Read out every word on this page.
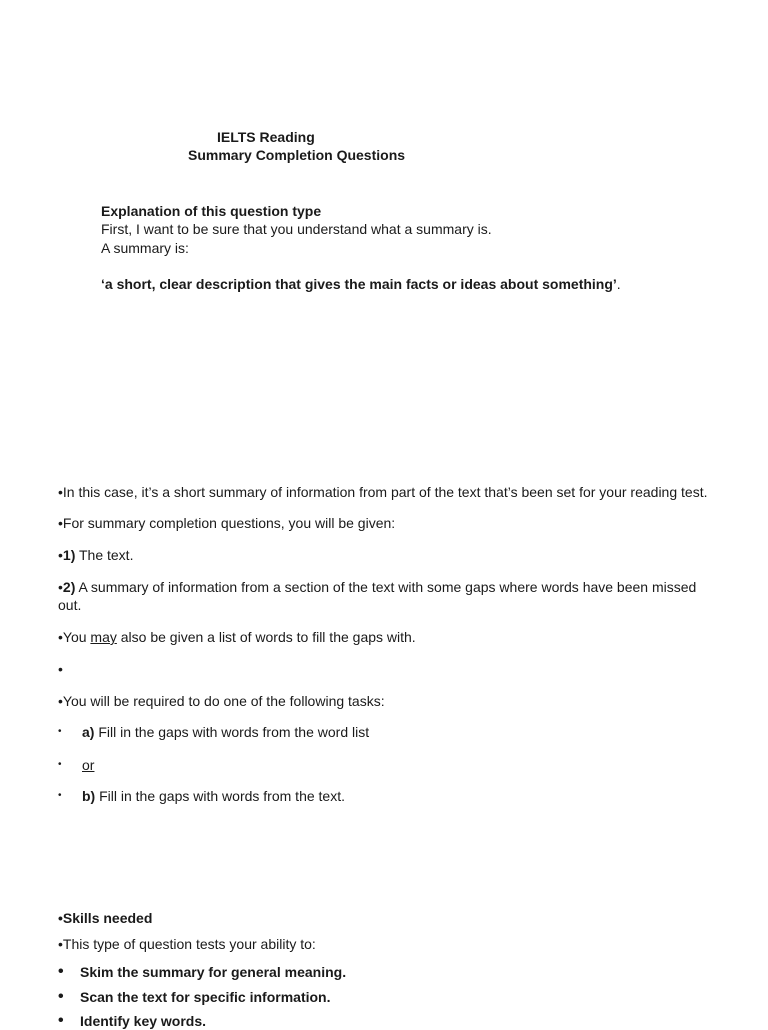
IELTS Reading
Summary Completion Questions
Explanation of this question type
First, I want to be sure that you understand what a summary is.
A summary is:
‘a short, clear description that gives the main facts or ideas about something’.
•In this case, it’s a short summary of information from part of the text that’s been set for your reading test.
•For summary completion questions, you will be given:
•1) The text.
•2) A summary of information from a section of the text with some gaps where words have been missed out.
•You may also be given a list of words to fill the gaps with.
•
•You will be required to do one of the following tasks:
• a) Fill in the gaps with words from the word list
• or
• b) Fill in the gaps with words from the text.
•Skills needed
•This type of question tests your ability to:
• Skim the summary for general meaning.
• Scan the text for specific information.
• Identify key words.
